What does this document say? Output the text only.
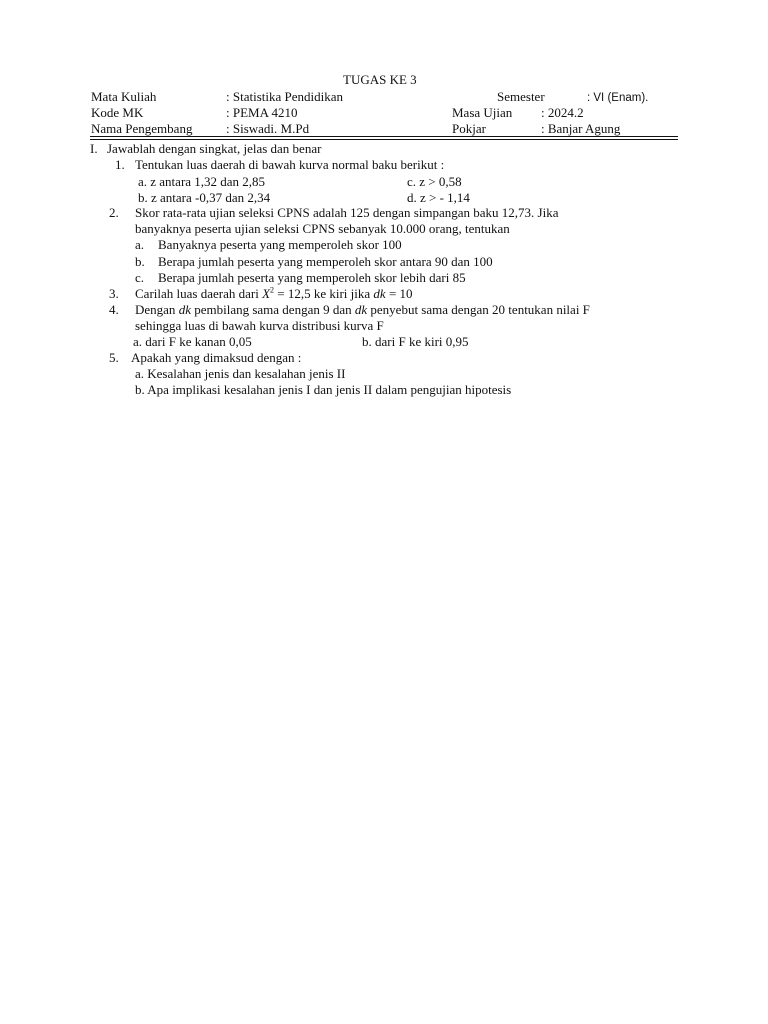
TUGAS KE 3
Mata Kuliah	: Statistika Pendidikan	Semester	: VI (Enam).
Kode MK	: PEMA 4210	Masa Ujian : 2024.2
Nama Pengembang	: Siswadi. M.Pd	Pokjar	: Banjar Agung
I. Jawablah dengan singkat, jelas dan benar
1. Tentukan luas daerah di bawah kurva normal baku berikut :
a. z antara 1,32 dan 2,85	c. z > 0,58
b. z antara -0,37 dan 2,34	d. z > - 1,14
2. Skor rata-rata ujian seleksi CPNS adalah 125 dengan simpangan baku 12,73. Jika
banyaknya peserta ujian seleksi CPNS sebanyak 10.000 orang, tentukan
a. Banyaknya peserta yang memperoleh skor 100
b. Berapa jumlah peserta yang memperoleh skor antara 90 dan 100
c. Berapa jumlah peserta yang memperoleh skor lebih dari 85
3. Carilah luas daerah dari $X^2 = 12,5$ ke kiri jika dk = 10
4. Dengan dk pembilang sama dengan 9 dan dk penyebut sama dengan 20 tentukan nilai F
sehingga luas di bawah kurva distribusi kurva F
a. dari F ke kanan 0,05	b. dari F ke kiri 0,95
5. Apakah yang dimaksud dengan :
a. Kesalahan jenis dan kesalahan jenis II
b. Apa implikasi kesalahan jenis I dan jenis II dalam pengujian hipotesis
